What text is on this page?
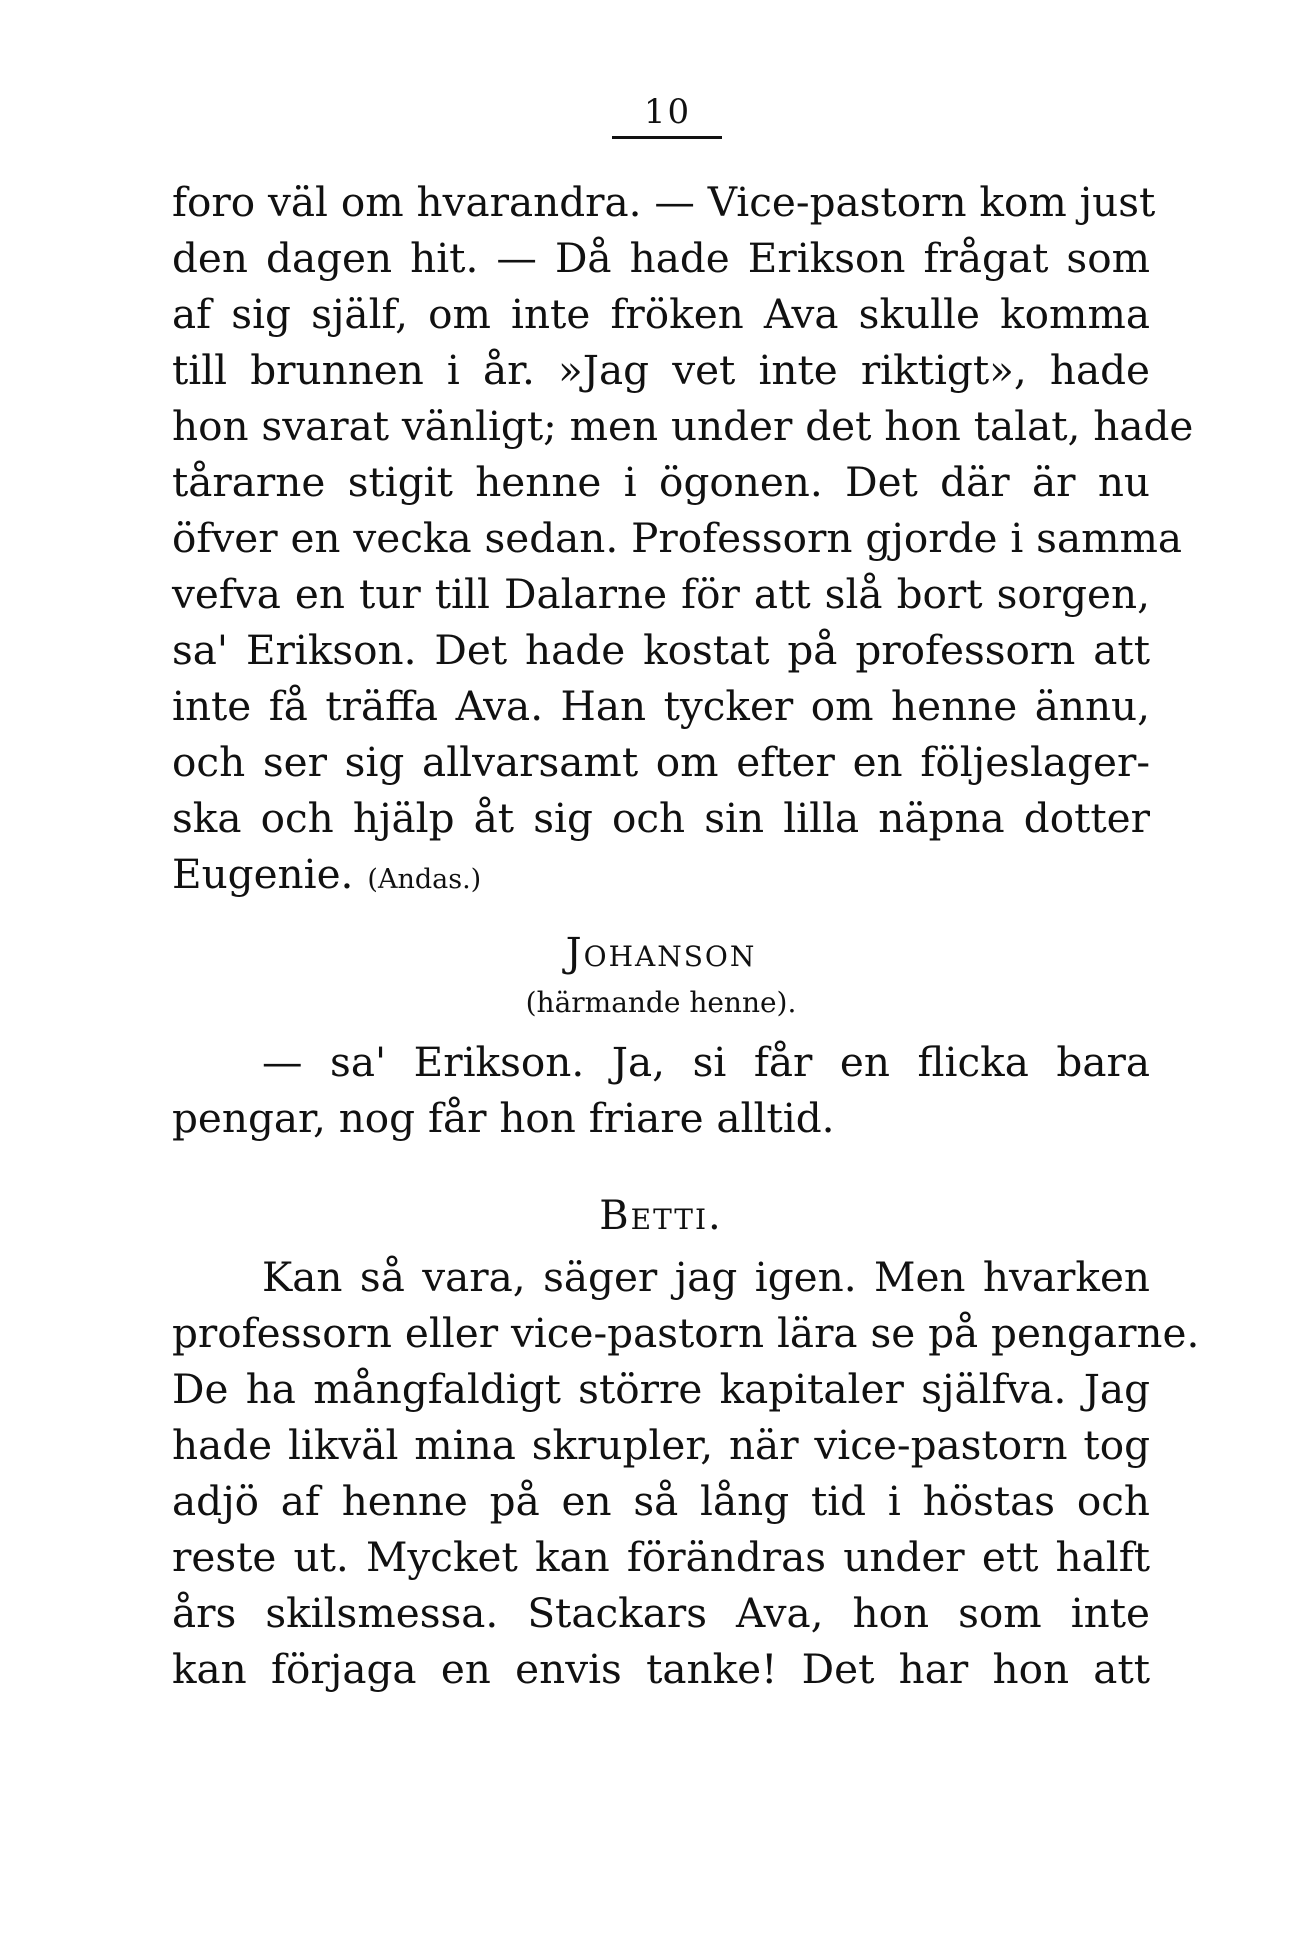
10
foro väl om hvarandra. — Vice-pastorn kom just
den dagen hit. — Då hade Erikson frågat som
af sig själf, om inte fröken Ava skulle komma
till brunnen i år. »Jag vet inte riktigt», hade
hon svarat vänligt; men under det hon talat, hade
tårarne stigit henne i ögonen. Det där är nu
öfver en vecka sedan. Professorn gjorde i samma
vefva en tur till Dalarne för att slå bort sorgen,
sa' Erikson. Det hade kostat på professorn att
inte få träffa Ava. Han tycker om henne ännu,
och ser sig allvarsamt om efter en följeslager-
ska och hjälp åt sig och sin lilla näpna dotter
Eugenie. (Andas.)
Johanson
(härmande henne).
— sa' Erikson. Ja, si får en flicka bara
pengar, nog får hon friare alltid.
Betti.
Kan så vara, säger jag igen. Men hvarken
professorn eller vice-pastorn lära se på pengarne.
De ha mångfaldigt större kapitaler själfva. Jag
hade likväl mina skrupler, när vice-pastorn tog
adjö af henne på en så lång tid i höstas och
reste ut. Mycket kan förändras under ett halft
års skilsmessa. Stackars Ava, hon som inte
kan förjaga en envis tanke! Det har hon att
